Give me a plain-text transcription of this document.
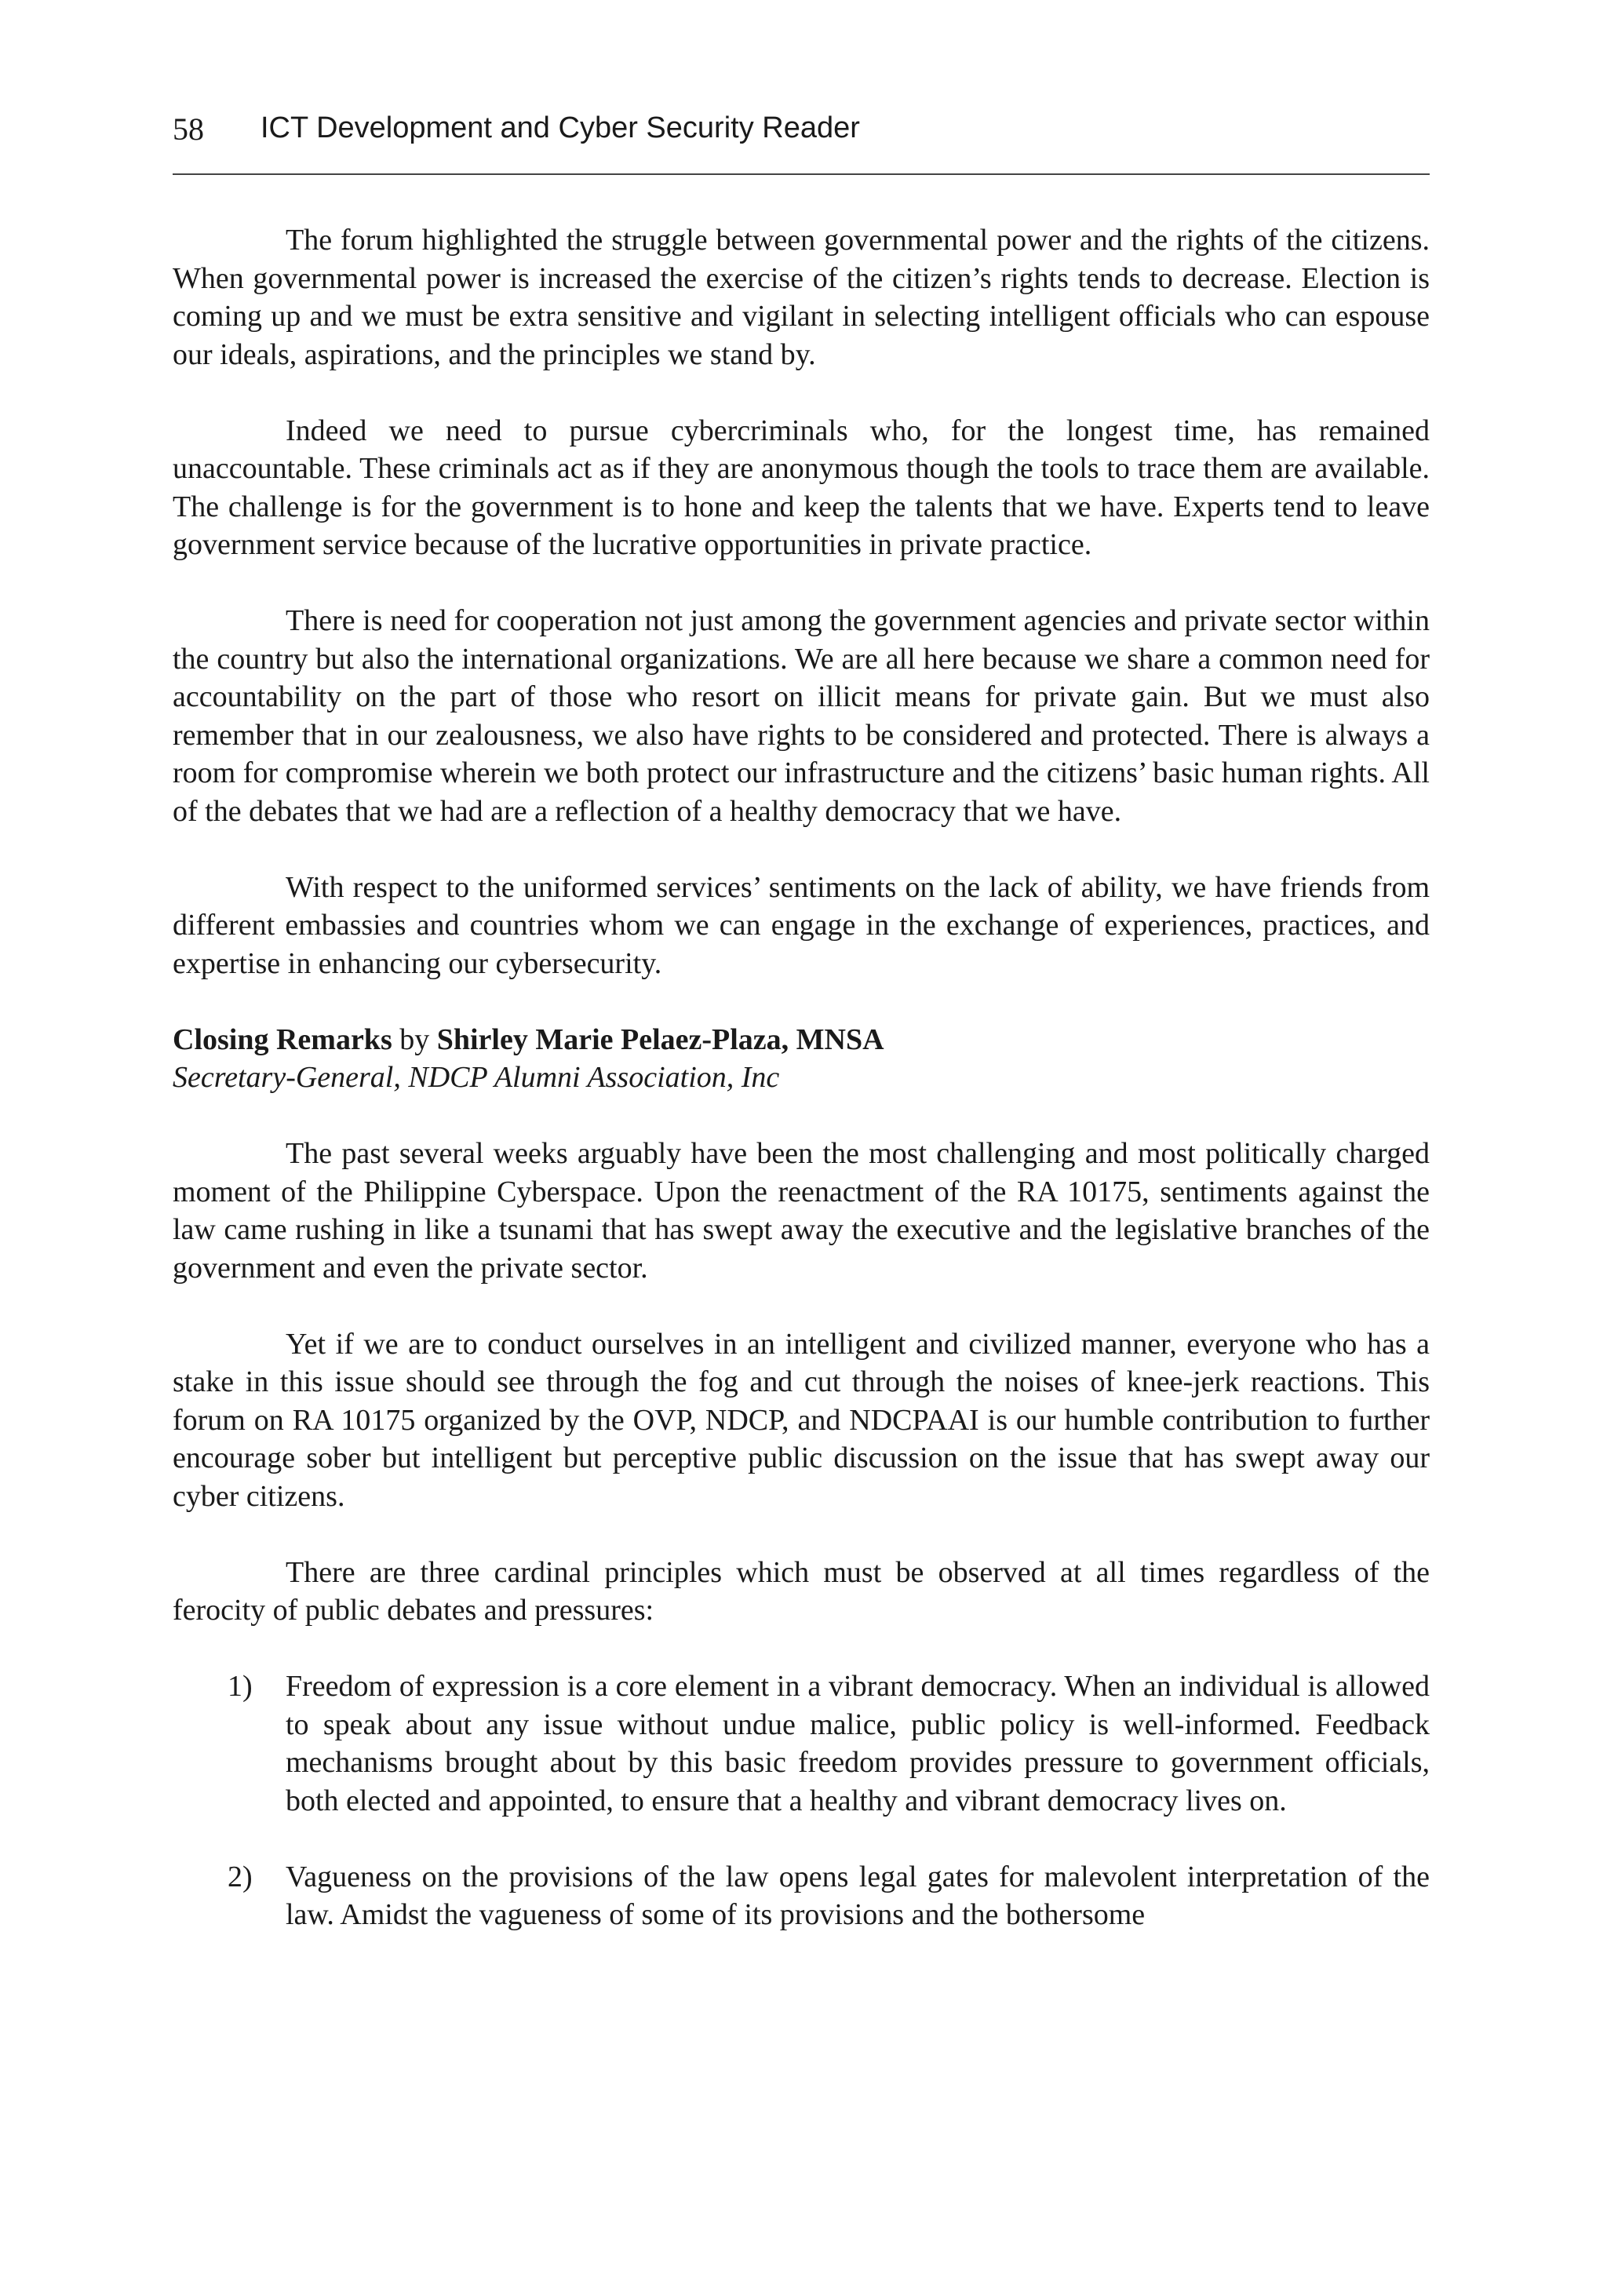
58 ICT Development and Cyber Security Reader

The forum highlighted the struggle between governmental power and the rights of the citizens. When governmental power is increased the exercise of the citizen’s rights tends to decrease. Election is coming up and we must be extra sensitive and vigilant in selecting intelligent officials who can espouse our ideals, aspirations, and the principles we stand by.

Indeed we need to pursue cybercriminals who, for the longest time, has remained unaccountable. These criminals act as if they are anonymous though the tools to trace them are available. The challenge is for the government is to hone and keep the talents that we have. Experts tend to leave government service because of the lucrative opportunities in private practice.

There is need for cooperation not just among the government agencies and private sector within the country but also the international organizations. We are all here because we share a common need for accountability on the part of those who resort on illicit means for private gain. But we must also remember that in our zealousness, we also have rights to be considered and protected. There is always a room for compromise wherein we both protect our infrastructure and the citizens’ basic human rights. All of the debates that we had are a reflection of a healthy democracy that we have.

With respect to the uniformed services’ sentiments on the lack of ability, we have friends from different embassies and countries whom we can engage in the exchange of experiences, practices, and expertise in enhancing our cybersecurity.

Closing Remarks by Shirley Marie Pelaez-Plaza, MNSA

Secretary-General, NDCP Alumni Association, Inc

The past several weeks arguably have been the most challenging and most politically charged moment of the Philippine Cyberspace. Upon the reenactment of the RA 10175, sentiments against the law came rushing in like a tsunami that has swept away the executive and the legislative branches of the government and even the private sector.

Yet if we are to conduct ourselves in an intelligent and civilized manner, everyone who has a stake in this issue should see through the fog and cut through the noises of knee-jerk reactions. This forum on RA 10175 organized by the OVP, NDCP, and NDCPAAI is our humble contribution to further encourage sober but intelligent but perceptive public discussion on the issue that has swept away our cyber citizens.

There are three cardinal principles which must be observed at all times regardless of the ferocity of public debates and pressures:

1) Freedom of expression is a core element in a vibrant democracy. When an individual is allowed to speak about any issue without undue malice, public policy is well-informed. Feedback mechanisms brought about by this basic freedom provides pressure to government officials, both elected and appointed, to ensure that a healthy and vibrant democracy lives on.
2) Vagueness on the provisions of the law opens legal gates for malevolent interpretation of the law. Amidst the vagueness of some of its provisions and the bothersome
